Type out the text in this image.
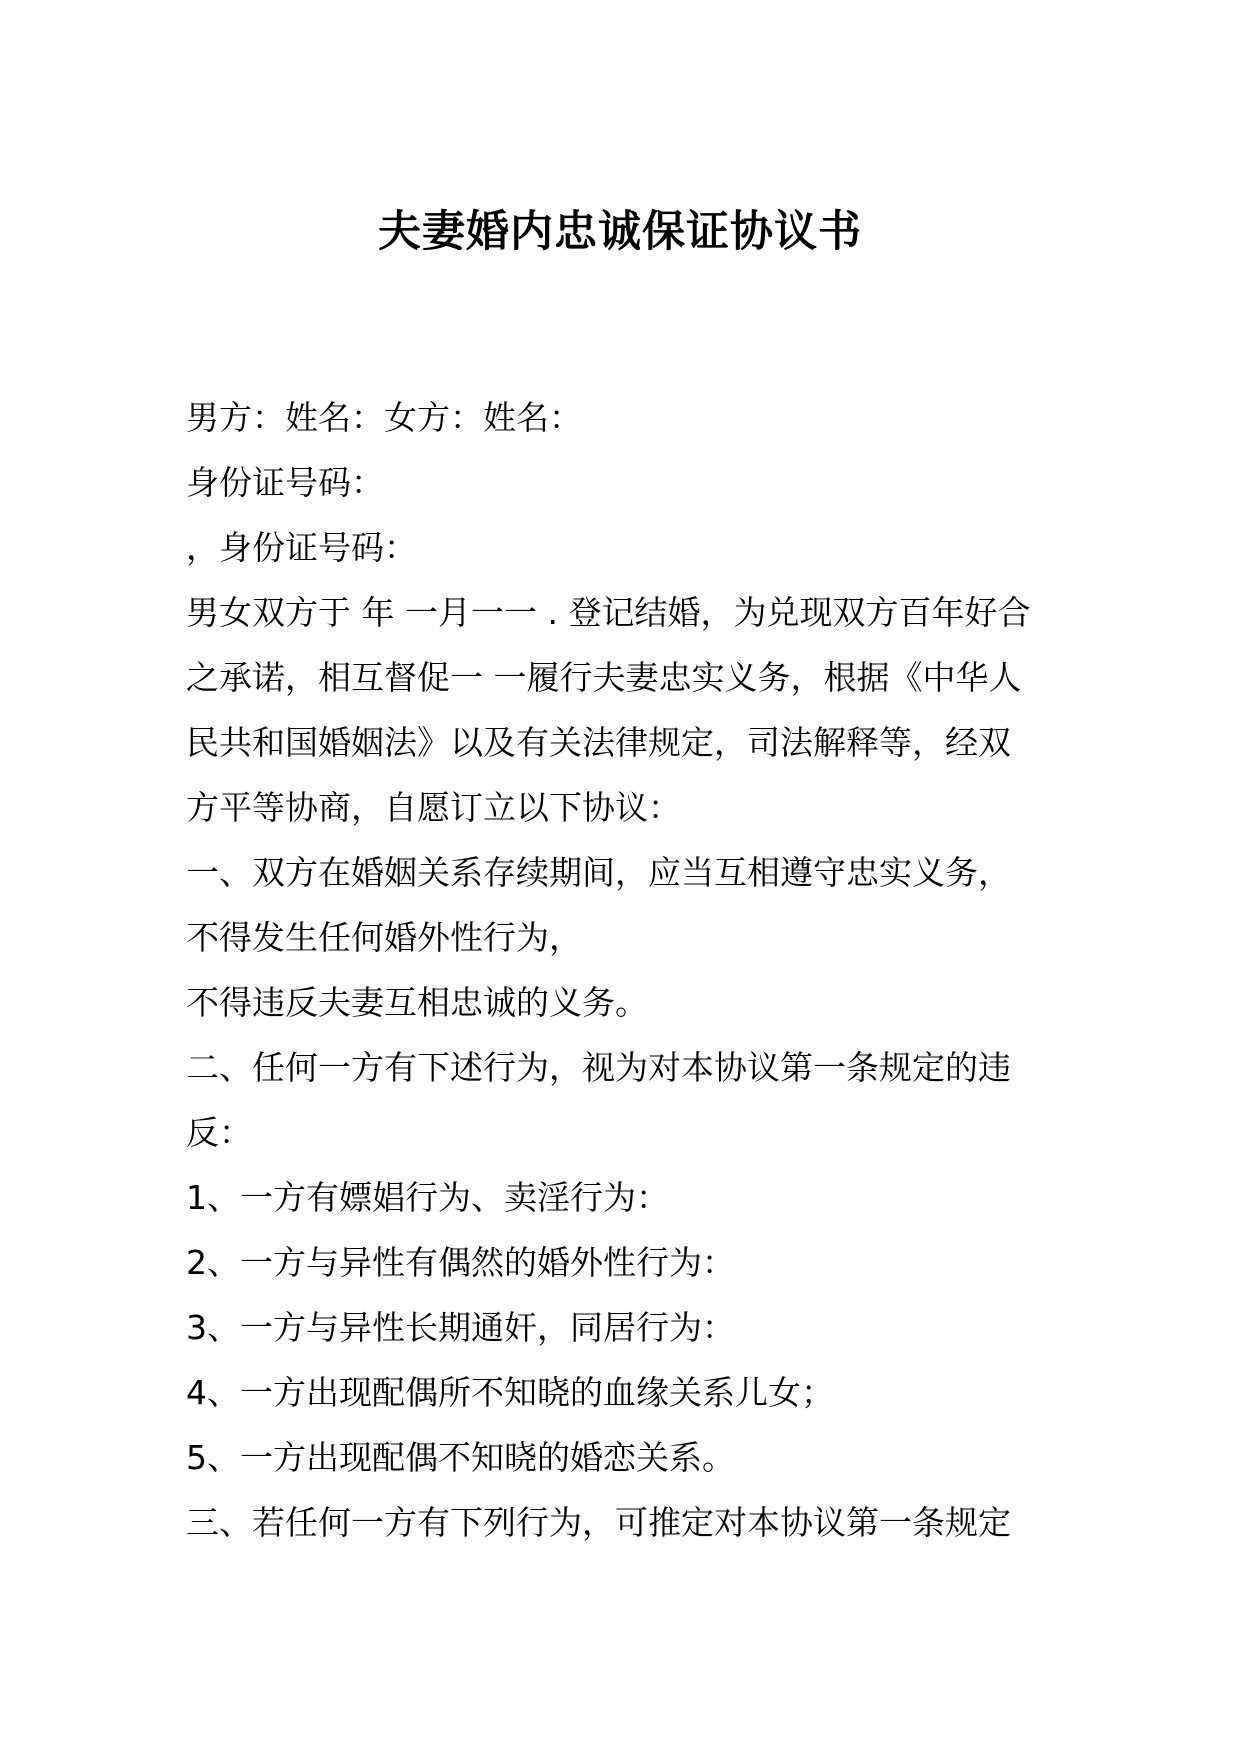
夫妻婚内忠诚保证协议书
男方：姓名：女方：姓名：
身份证号码：
，身份证号码：
男女双方于 年 一月一一 . 登记结婚，为兑现双方百年好合
之承诺，相互督促一 一履行夫妻忠实义务，根据《中华人
民共和国婚姻法》以及有关法律规定，司法解释等，经双
方平等协商，自愿订立以下协议：
一、双方在婚姻关系存续期间，应当互相遵守忠实义务，
不得发生任何婚外性行为，
不得违反夫妻互相忠诚的义务。
二、任何一方有下述行为，视为对本协议第一条规定的违
反：
1、一方有嫖娼行为、卖淫行为：
2、一方与异性有偶然的婚外性行为：
3、一方与异性长期通奸，同居行为：
4、一方出现配偶所不知晓的血缘关系儿女；
5、一方出现配偶不知晓的婚恋关系。
三、若任何一方有下列行为，可推定对本协议第一条规定
